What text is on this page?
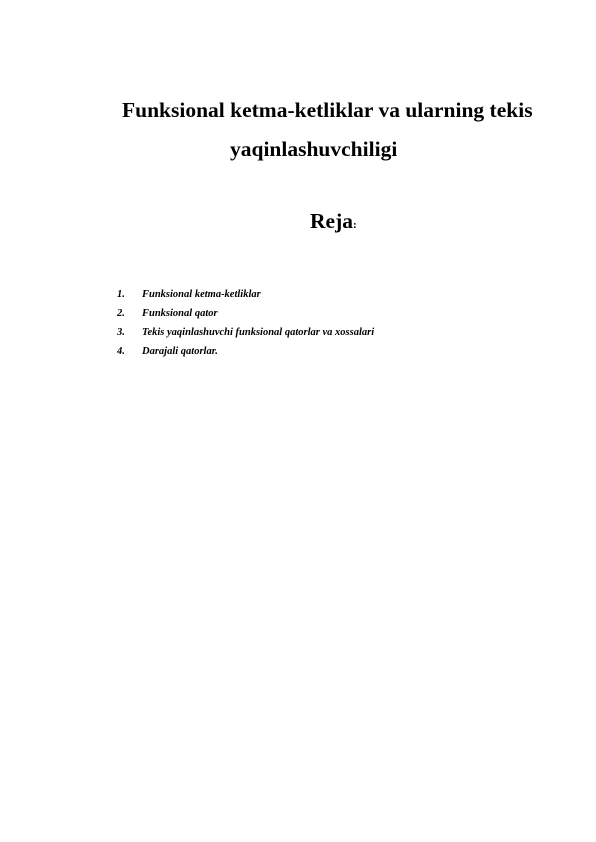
Funksional ketma-ketliklar va ularning tekis
yaqinlashuvchiligi
Reja:
1.	Funksional ketma-ketliklar
2.	Funksional qator
3.	Tekis yaqinlashuvchi funksional qatorlar va xossalari
4.	Darajali qatorlar.
